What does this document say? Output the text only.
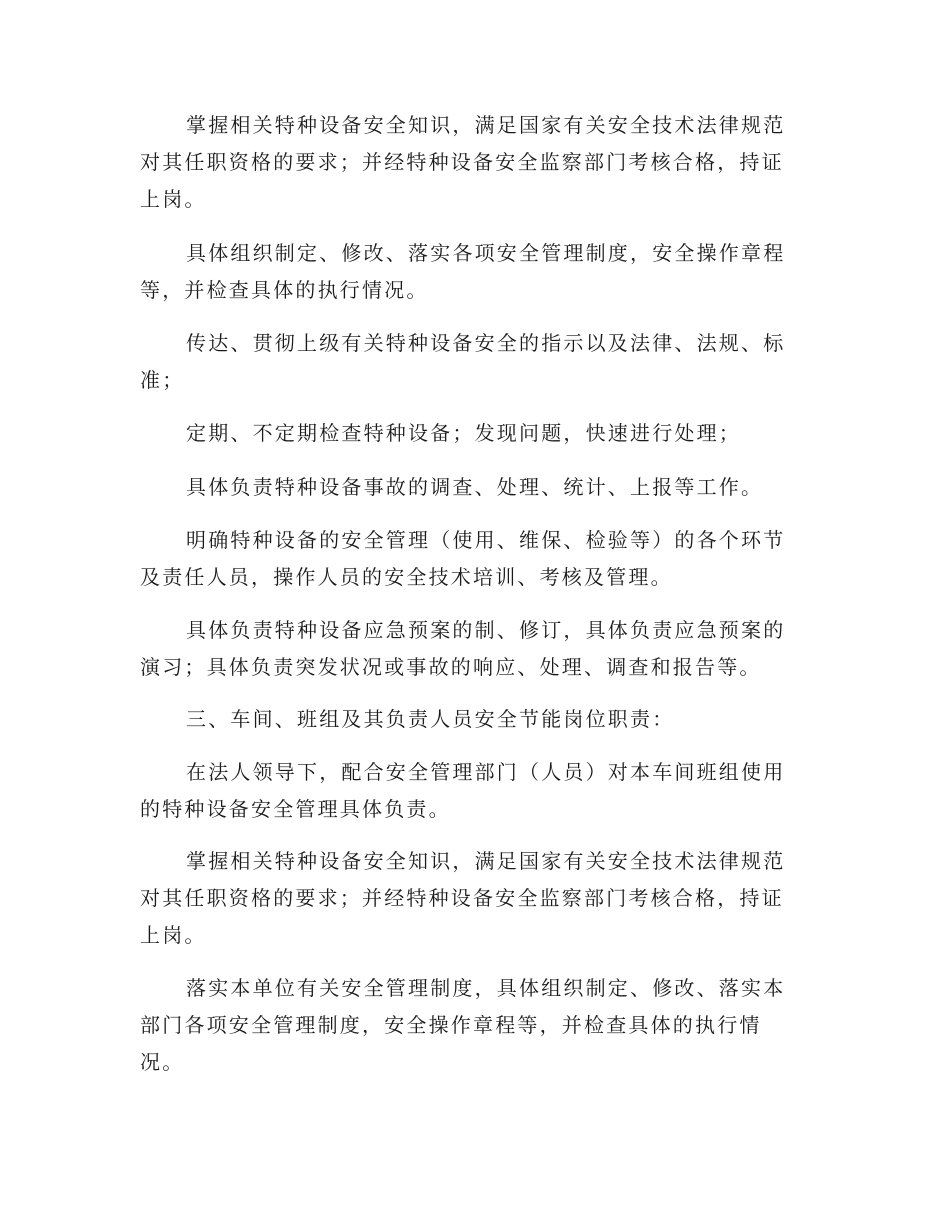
掌握相关特种设备安全知识，满足国家有关安全技术法律规范对其任职资格的要求；并经特种设备安全监察部门考核合格，持证上岗。

具体组织制定、修改、落实各项安全管理制度，安全操作章程等，并检查具体的执行情况。

传达、贯彻上级有关特种设备安全的指示以及法律、法规、标准；

定期、不定期检查特种设备；发现问题，快速进行处理；

具体负责特种设备事故的调查、处理、统计、上报等工作。

明确特种设备的安全管理（使用、维保、检验等）的各个环节及责任人员，操作人员的安全技术培训、考核及管理。

具体负责特种设备应急预案的制、修订，具体负责应急预案的演习；具体负责突发状况或事故的响应、处理、调查和报告等。

三、车间、班组及其负责人员安全节能岗位职责：

在法人领导下，配合安全管理部门（人员）对本车间班组使用的特种设备安全管理具体负责。

掌握相关特种设备安全知识，满足国家有关安全技术法律规范对其任职资格的要求；并经特种设备安全监察部门考核合格，持证上岗。

落实本单位有关安全管理制度，具体组织制定、修改、落实本部门各项安全管理制度，安全操作章程等，并检查具体的执行情况。
